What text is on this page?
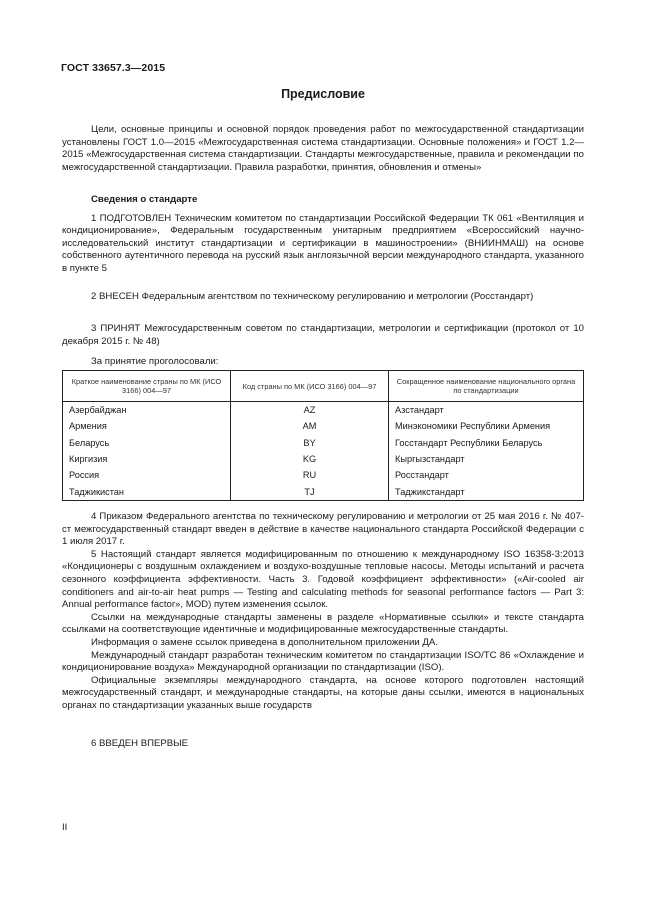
ГОСТ 33657.3—2015
Предисловие

Цели, основные принципы и основной порядок проведения работ по межгосударственной стандартизации установлены ГОСТ 1.0—2015 «Межгосударственная система стандартизации. Основные положения» и ГОСТ 1.2—2015 «Межгосударственная система стандартизации. Стандарты межгосударственные, правила и рекомендации по межгосударственной стандартизации. Правила разработки, принятия, обновления и отмены»

Сведения о стандарте

1 ПОДГОТОВЛЕН Техническим комитетом по стандартизации Российской Федерации ТК 061 «Вентиляция и кондиционирование», Федеральным государственным унитарным предприятием «Всероссийский научно-исследовательский институт стандартизации и сертификации в машиностроении» (ВНИИНМАШ) на основе собственного аутентичного перевода на русский язык англоязычной версии международного стандарта, указанного в пункте 5

2 ВНЕСЕН Федеральным агентством по техническому регулированию и метрологии (Росстандарт)

3 ПРИНЯТ Межгосударственным советом по стандартизации, метрологии и сертификации (протокол от 10 декабря 2015 г. № 48)

За принятие проголосовали:
Краткое наименование страны по МК (ИСО 3166) 004—97	Код страны по МК (ИСО 3166) 004—97	Сокращенное наименование национального органа по стандартизации
Азербайджан	AZ	Азстандарт
Армения	AM	Минэкономики Республики Армения
Беларусь	BY	Госстандарт Республики Беларусь
Киргизия	KG	Кыргызстандарт
Россия	RU	Росстандарт
Таджикистан	TJ	Таджикстандарт

4 Приказом Федерального агентства по техническому регулированию и метрологии от 25 мая 2016 г. № 407-ст межгосударственный стандарт введен в действие в качестве национального стандарта Российской Федерации с 1 июля 2017 г.

5 Настоящий стандарт является модифицированным по отношению к международному ISO 16358-3:2013 «Кондиционеры с воздушным охлаждением и воздухо-воздушные тепловые насосы. Методы испытаний и расчета сезонного коэффициента эффективности. Часть 3. Годовой коэффициент эффективности» («Air-cooled air conditioners and air-to-air heat pumps — Testing and calculating methods for seasonal performance factors — Part 3: Annual performance factor», MOD) путем изменения ссылок.

Ссылки на международные стандарты заменены в разделе «Нормативные ссылки» и тексте стандарта ссылками на соответствующие идентичные и модифицированные межгосударственные стандарты.

Информация о замене ссылок приведена в дополнительном приложении ДА.

Международный стандарт разработан техническим комитетом по стандартизации ISO/TC 86 «Охлаждение и кондиционирование воздуха» Международной организации по стандартизации (ISO).

Официальные экземпляры международного стандарта, на основе которого подготовлен настоящий межгосударственный стандарт, и международные стандарты, на которые даны ссылки, имеются в национальных органах по стандартизации указанных выше государств

6 ВВЕДЕН ВПЕРВЫЕ
II
